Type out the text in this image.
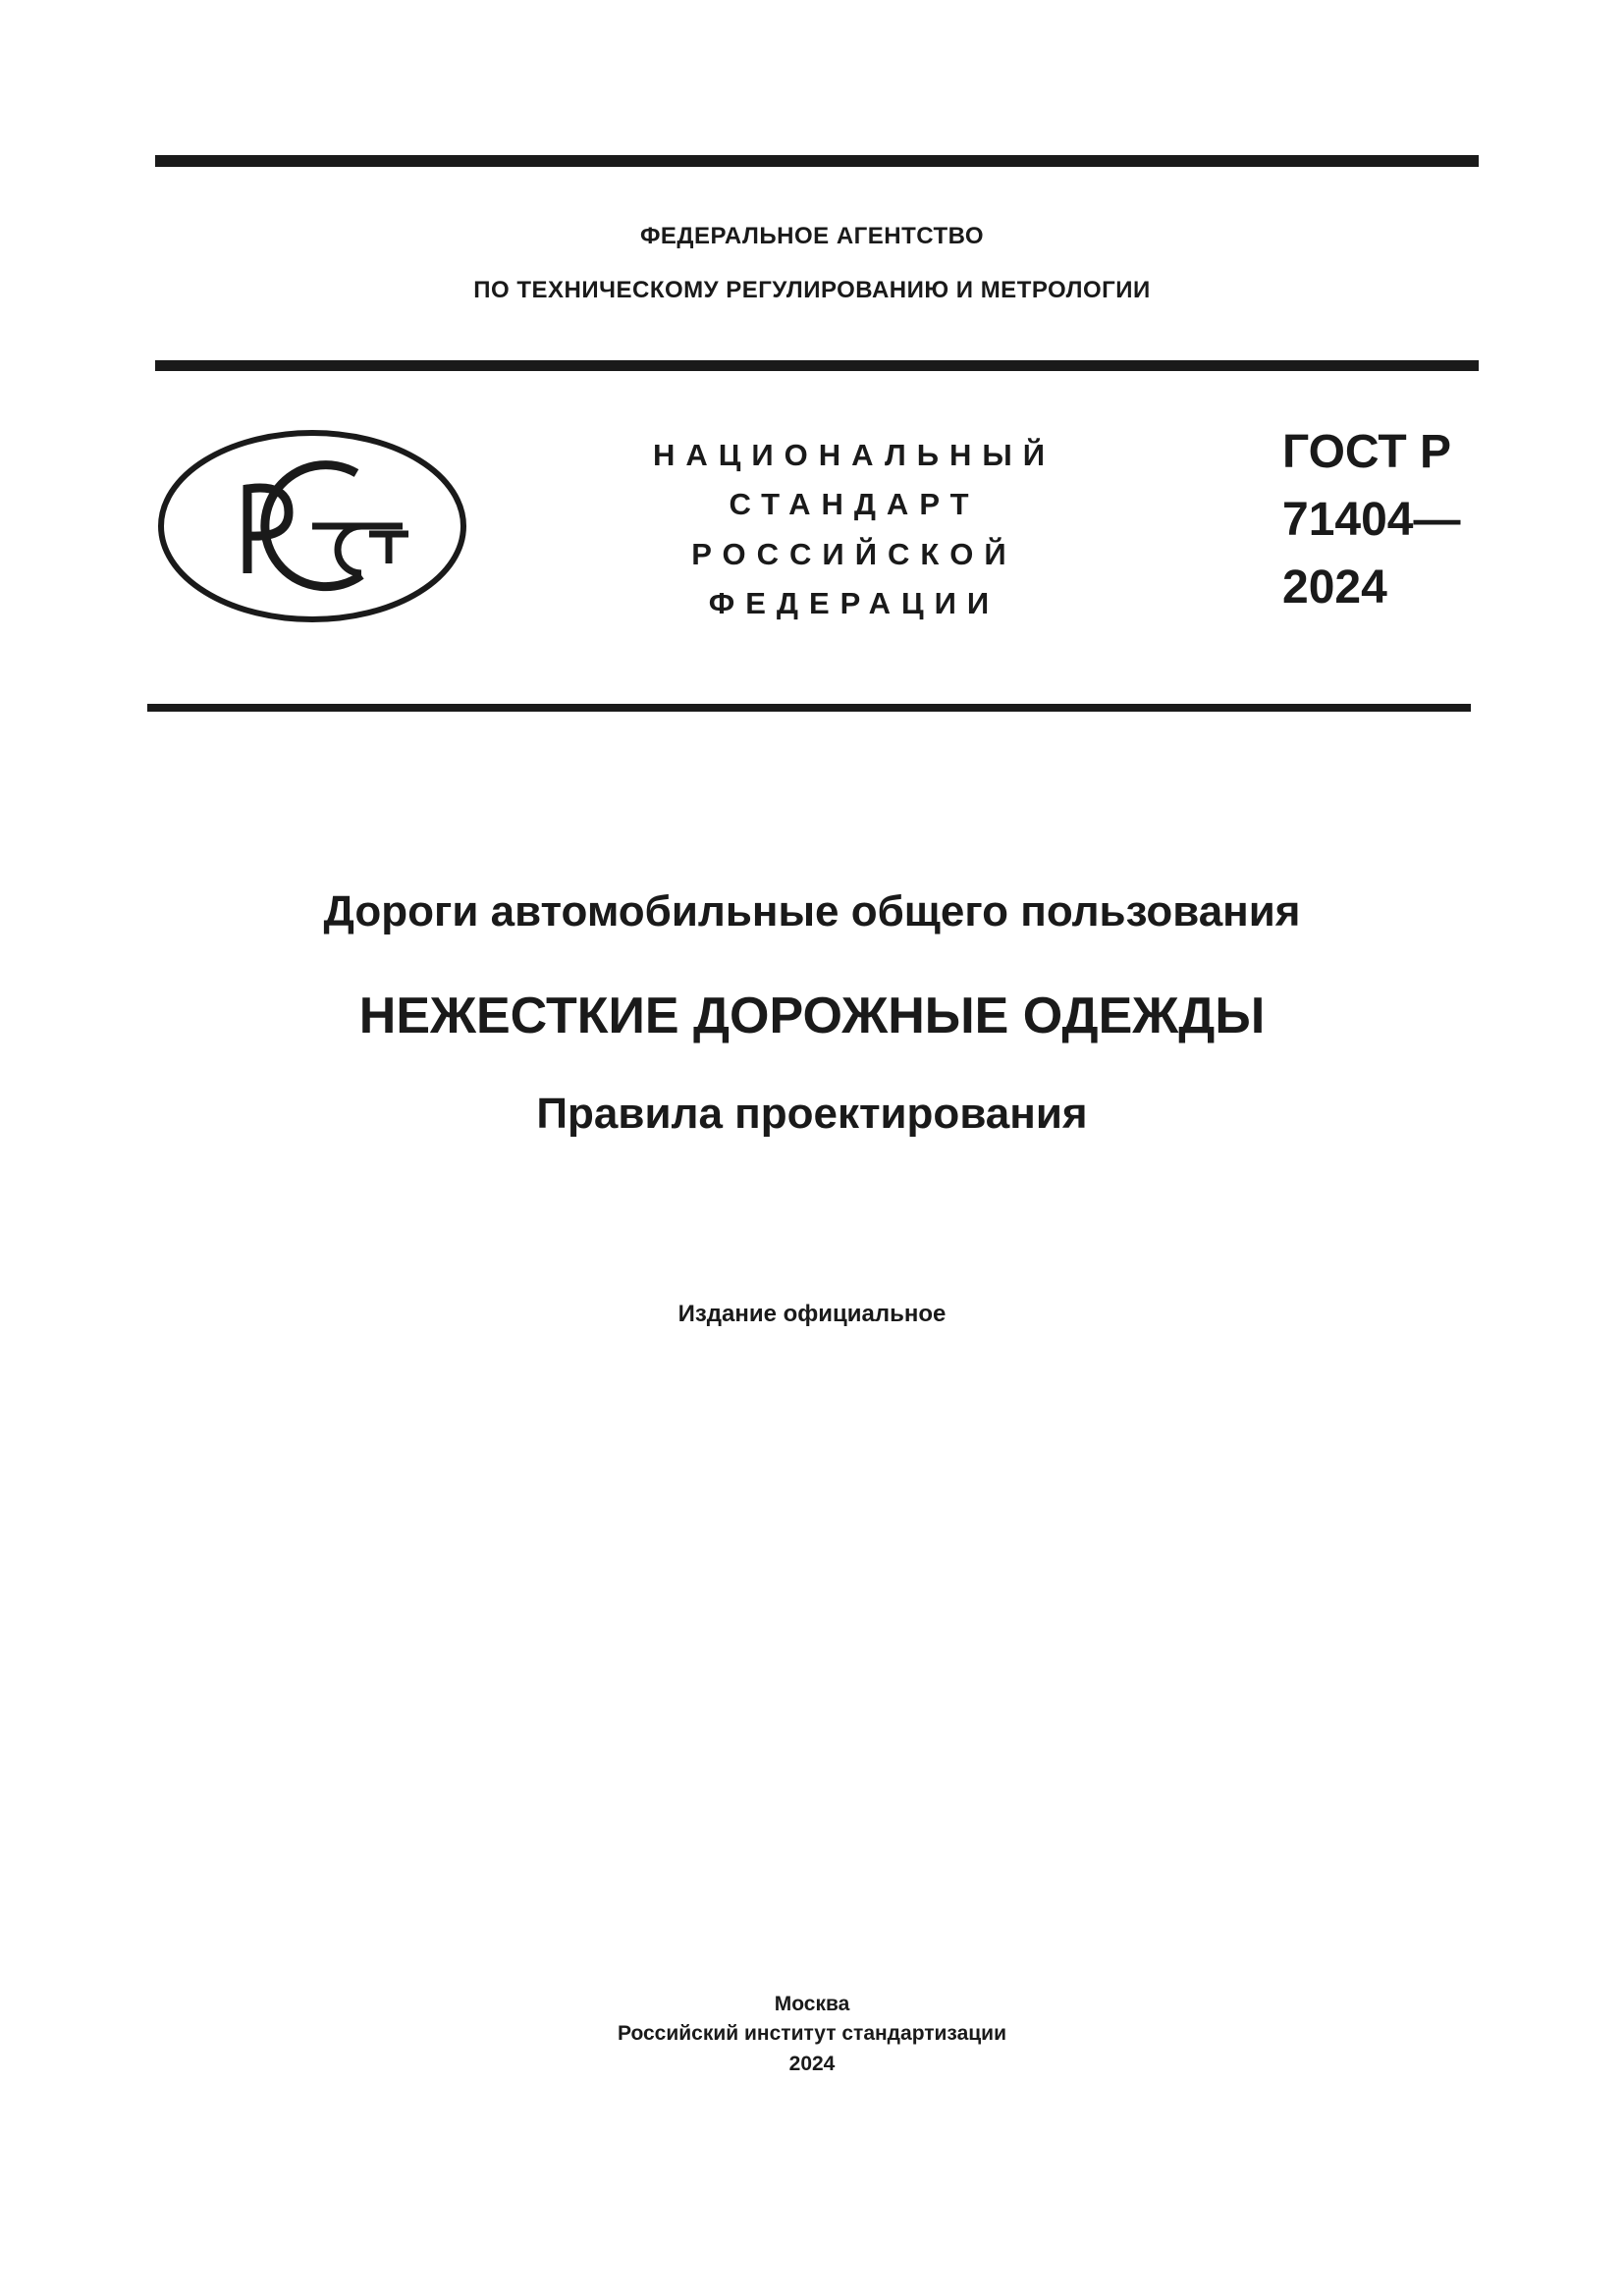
ФЕДЕРАЛЬНОЕ АГЕНТСТВО
ПО ТЕХНИЧЕСКОМУ РЕГУЛИРОВАНИЮ И МЕТРОЛОГИИ
НАЦИОНАЛЬНЫЙ
СТАНДАРТ
РОССИЙСКОЙ
ФЕДЕРАЦИИ
ГОСТ Р
71404—
2024
Дороги автомобильные общего пользования
НЕЖЕСТКИЕ ДОРОЖНЫЕ ОДЕЖДЫ
Правила проектирования
Издание официальное
Москва
Российский институт стандартизации
2024
